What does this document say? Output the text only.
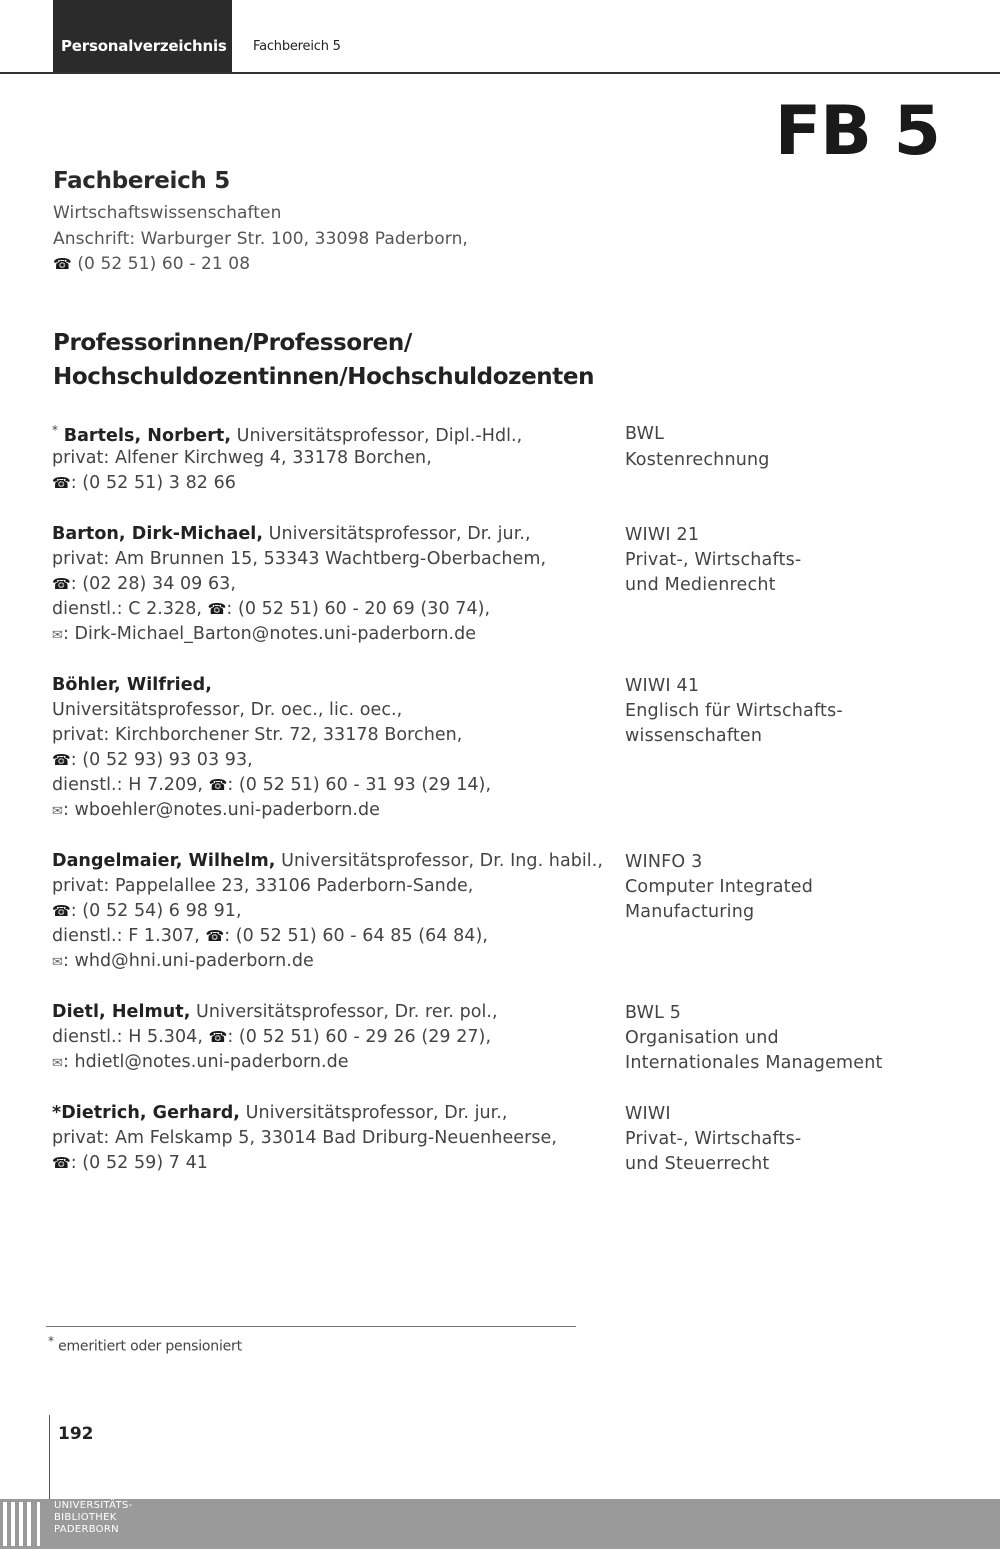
Personalverzeichnis Fachbereich 5
FB 5
Fachbereich 5
Wirtschaftswissenschaften
Anschrift: Warburger Str. 100, 33098 Paderborn,
☎ (0 52 51) 60 - 21 08
Professorinnen/Professoren/
Hochschuldozentinnen/Hochschuldozenten
* Bartels, Norbert, Universitätsprofessor, Dipl.-Hdl.,
privat: Alfener Kirchweg 4, 33178 Borchen,
☎: (0 52 51) 3 82 66
BWL
Kostenrechnung
Barton, Dirk-Michael, Universitätsprofessor, Dr. jur.,
privat: Am Brunnen 15, 53343 Wachtberg-Oberbachem,
☎: (02 28) 34 09 63,
dienstl.: C 2.328, ☎: (0 52 51) 60 - 20 69 (30 74),
✉: Dirk-Michael_Barton@notes.uni-paderborn.de
WIWI 21
Privat-, Wirtschafts-
und Medienrecht
Böhler, Wilfried,
Universitätsprofessor, Dr. oec., lic. oec.,
privat: Kirchborchener Str. 72, 33178 Borchen,
☎: (0 52 93) 93 03 93,
dienstl.: H 7.209, ☎: (0 52 51) 60 - 31 93 (29 14),
✉: wboehler@notes.uni-paderborn.de
WIWI 41
Englisch für Wirtschafts-
wissenschaften
Dangelmaier, Wilhelm, Universitätsprofessor, Dr. Ing. habil.,
privat: Pappelallee 23, 33106 Paderborn-Sande,
☎: (0 52 54) 6 98 91,
dienstl.: F 1.307, ☎: (0 52 51) 60 - 64 85 (64 84),
✉: whd@hni.uni-paderborn.de
WINFO 3
Computer Integrated
Manufacturing
Dietl, Helmut, Universitätsprofessor, Dr. rer. pol.,
dienstl.: H 5.304, ☎: (0 52 51) 60 - 29 26 (29 27),
✉: hdietl@notes.uni-paderborn.de
BWL 5
Organisation und
Internationales Management
*Dietrich, Gerhard, Universitätsprofessor, Dr. jur.,
privat: Am Felskamp 5, 33014 Bad Driburg-Neuenheerse,
☎: (0 52 59) 7 41
WIWI
Privat-, Wirtschafts-
und Steuerrecht
* emeritiert oder pensioniert
192
UNIVERSITÄTS-
BIBLIOTHEK
PADERBORN
